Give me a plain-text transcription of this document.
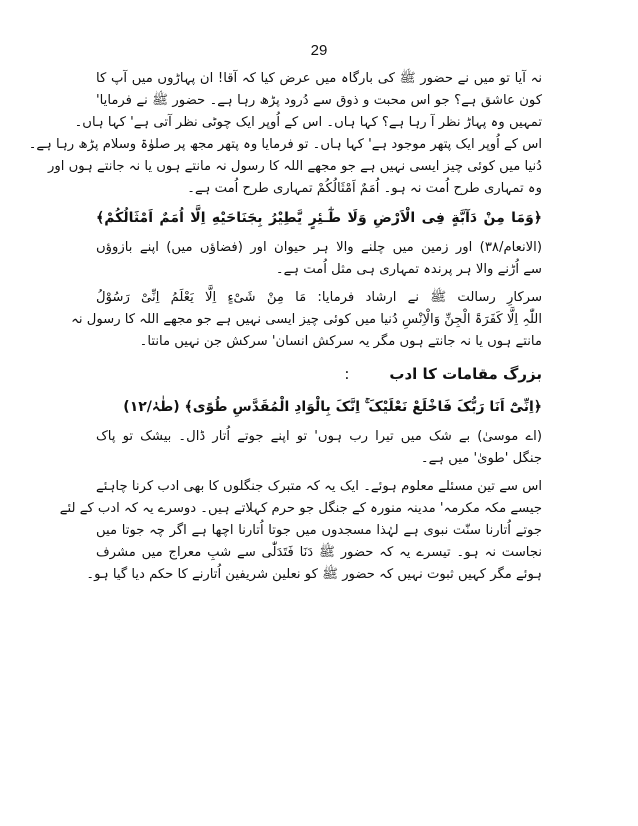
29
نہ آیا تو میں نے حضور ﷺ کی بارگاہ میں عرض کیا کہ آقا! ان پہاڑوں میں آپ کا
کون عاشق ہے؟ جو اس محبت و ذوق سے دُرود پڑھ رہا ہے۔ حضور ﷺ نے فرمایا'
تمہیں وہ پہاڑ نظر آ رہا ہے؟ کہا ہاں۔ اس کے اُوپر ایک چوٹی نظر آتی ہے' کہا ہاں۔
اس کے اُوپر ایک پتھر موجود ہے' کہا ہاں۔ تو فرمایا وہ پتھر مجھ پر صلوٰۃ وسلام پڑھ رہا ہے۔
دُنیا میں کوئی چیز ایسی نہیں ہے جو مجھے اللہ کا رسول نہ مانتے ہوں یا نہ جانتے ہوں اور
وہ تمہاری طرح اُمت نہ ہو۔ اُمَمٌ اَمْثَالُکُمْ تمہاری طرح اُمت ہے۔
﴿وَمَا مِنْ دَآبَّةٍ فِی الْاَرْضِ وَلَا طٰٓـئِرٍ یَّطِیْرُ بِجَنَاحَیْهِ اِلَّا اُمَمٌ اَمْثَالُکُمْ﴾
(الانعام/۳۸) اور زمین میں چلنے والا ہر حیوان اور (فضاؤں میں) اپنے بازوؤں
سے اُڑنے والا ہر پرندہ تمہاری ہی مثل اُمت ہے۔
سرکارِ رسالت ﷺ نے ارشاد فرمایا: مَا مِنْ شَیْءٍ اِلَّا یَعْلَمُ اِنِّیْ رَسُوْلُ
اللّٰہِ اِلَّا کَفَرَۃَ الْجِنِّ وَالْاِنْسِ دُنیا میں کوئی چیز ایسی نہیں ہے جو مجھے اللہ کا رسول نہ
مانتے ہوں یا نہ جانتے ہوں مگر یہ سرکش انسان' سرکش جن نہیں مانتا۔
بزرگ مقامات کا ادب:
﴿اِنِّیْٓ اَنَا رَبُّکَ فَاخْلَعْ نَعْلَیْکَ ۚ اِنَّکَ بِالْوَادِ الْمُقَدَّسِ طُوًی﴾ (طٰہٰ/۱۲)
(اے موسیٰ) بے شک میں تیرا رب ہوں' تو اپنے جوتے اُتار ڈال۔ بیشک تو پاک
جنگل 'طویٰ' میں ہے۔
اس سے تین مسئلے معلوم ہوئے۔ ایک یہ کہ متبرک جنگلوں کا بھی ادب کرنا چاہئے
جیسے مکہ مکرمہ' مدینہ منورہ کے جنگل جو حرم کہلاتے ہیں۔ دوسرے یہ کہ ادب کے لئے
جوتے اُتارنا سنّت نبوی ہے لہٰذا مسجدوں میں جوتا اُتارنا اچھا ہے اگر چہ جوتا میں
نجاست نہ ہو۔ تیسرے یہ کہ حضور ﷺ دَنَا فَتَدَلّٰی سے شبِ معراج میں مشرف
ہوئے مگر کہیں ثبوت نہیں کہ حضور ﷺ کو نعلین شریفین اُتارنے کا حکم دیا گیا ہو۔
